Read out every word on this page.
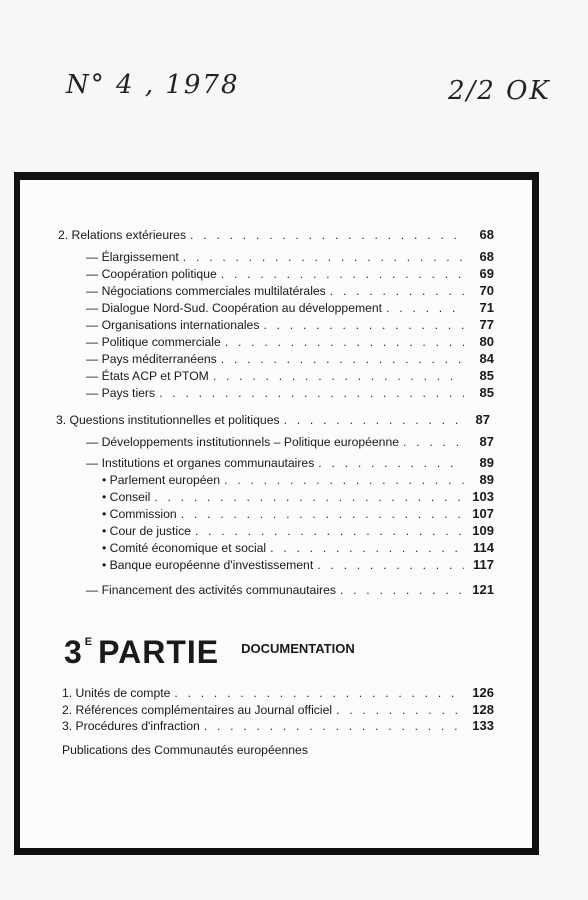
N° 4 , 1978	2/2 OK
2. Relations extérieures . . .	68
— Élargissement . . .	68
— Coopération politique . . .	69
— Négociations commerciales multilatérales . . .	70
— Dialogue Nord-Sud. Coopération au développement . . .	71
— Organisations internationales . . .	77
— Politique commerciale . . .	80
— Pays méditerranéens . . .	84
— États ACP et PTOM . . .	85
— Pays tiers . . .	85
3. Questions institutionnelles et politiques . . .	87
— Développements institutionnels – Politique européenne . . .	87
— Institutions et organes communautaires . . .	89
• Parlement européen . . .	89
• Conseil . . .	103
• Commission . . .	107
• Cour de justice . . .	109
• Comité économique et social . . .	114
• Banque européenne d'investissement . . .	117
— Financement des activités communautaires . . .	121
3 E PARTIE DOCUMENTATION
1. Unités de compte . . .	126
2. Références complémentaires au Journal officiel . . .	128
3. Procédures d'infraction . . .	133
Publications des Communautés européennes
